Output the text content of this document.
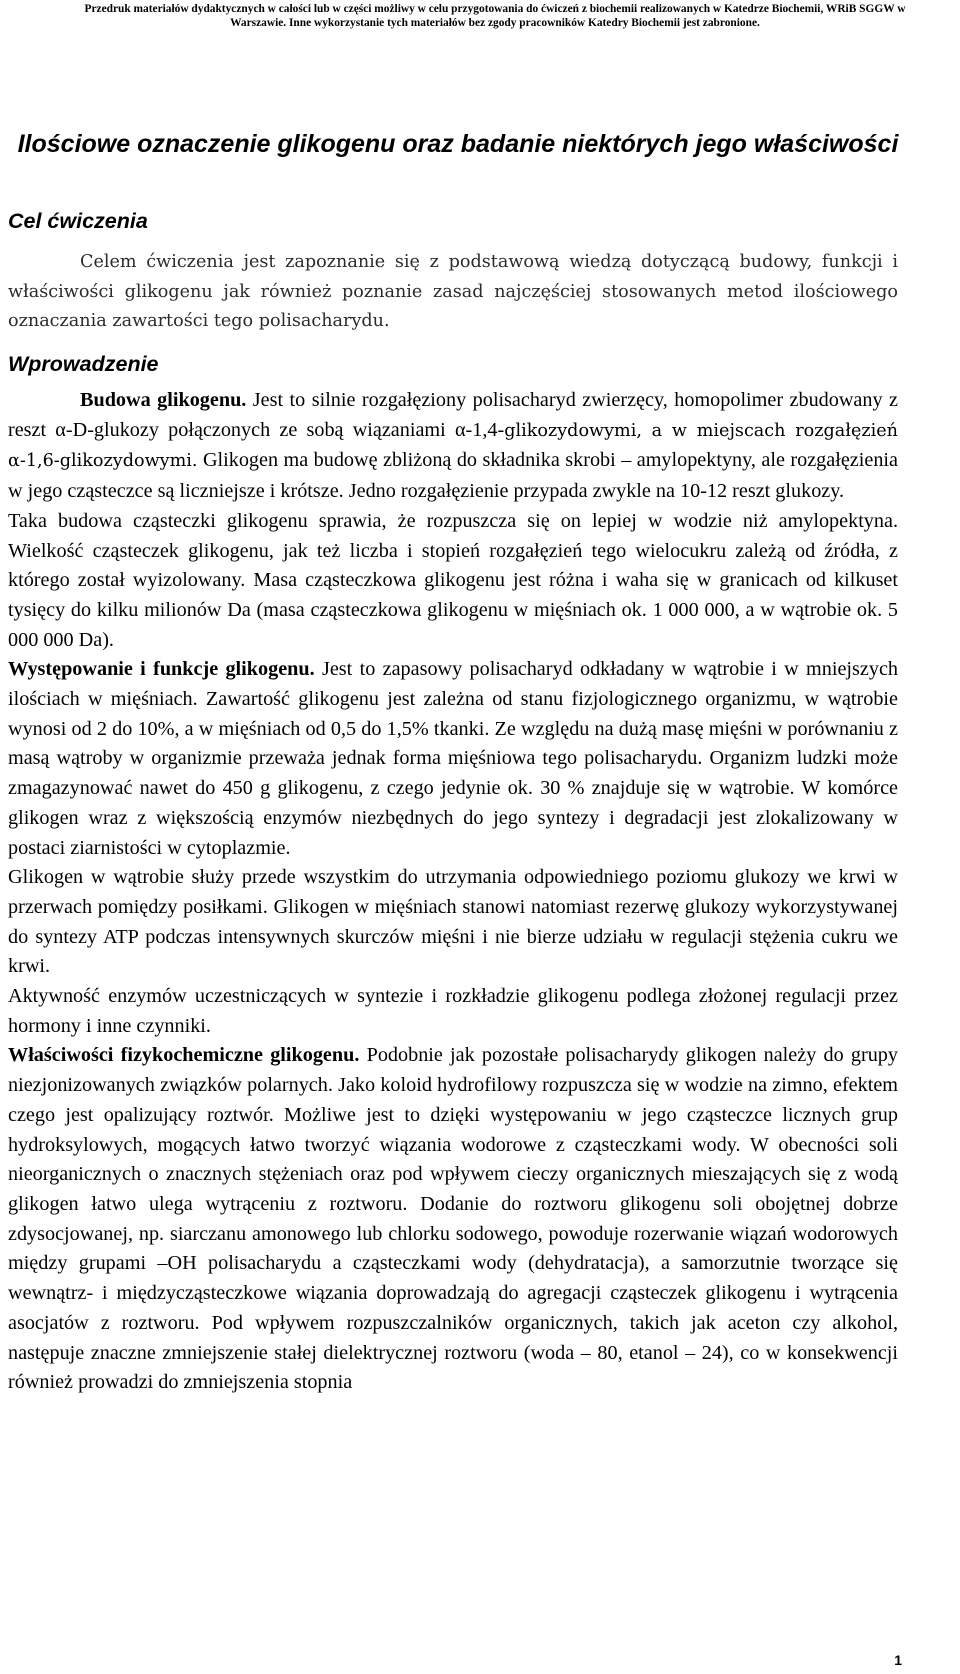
Przedruk materiałów dydaktycznych w całości lub w części możliwy w celu przygotowania do ćwiczeń z biochemii realizowanych w Katedrze Biochemii, WRiB SGGW w Warszawie. Inne wykorzystanie tych materiałów bez zgody pracowników Katedry Biochemii jest zabronione.
Ilościowe oznaczenie glikogenu oraz badanie niektórych jego właściwości
Cel ćwiczenia

Celem ćwiczenia jest zapoznanie się z podstawową wiedzą dotyczącą budowy, funkcji i właściwości glikogenu jak również poznanie zasad najczęściej stosowanych metod ilościowego oznaczania zawartości tego polisacharydu.

Wprowadzenie

Budowa glikogenu. Jest to silnie rozgałęziony polisacharyd zwierzęcy, homopolimer zbudowany z reszt α-D-glukozy połączonych ze sobą wiązaniami α-1,4-glikozydowymi, a w miejscach rozgałęzień α-1,6-glikozydowymi. Glikogen ma budowę zbliżoną do składnika skrobi – amylopektyny, ale rozgałęzienia w jego cząsteczce są liczniejsze i krótsze. Jedno rozgałęzienie przypada zwykle na 10-12 reszt glukozy.

Taka budowa cząsteczki glikogenu sprawia, że rozpuszcza się on lepiej w wodzie niż amylopektyna. Wielkość cząsteczek glikogenu, jak też liczba i stopień rozgałęzień tego wielocukru zależą od źródła, z którego został wyizolowany. Masa cząsteczkowa glikogenu jest różna i waha się w granicach od kilkuset tysięcy do kilku milionów Da (masa cząsteczkowa glikogenu w mięśniach ok. 1 000 000, a w wątrobie ok. 5 000 000 Da).

Występowanie i funkcje glikogenu. Jest to zapasowy polisacharyd odkładany w wątrobie i w mniejszych ilościach w mięśniach. Zawartość glikogenu jest zależna od stanu fizjologicznego organizmu, w wątrobie wynosi od 2 do 10%, a w mięśniach od 0,5 do 1,5% tkanki. Ze względu na dużą masę mięśni w porównaniu z masą wątroby w organizmie przeważa jednak forma mięśniowa tego polisacharydu. Organizm ludzki może zmagazynować nawet do 450 g glikogenu, z czego jedynie ok. 30 % znajduje się w wątrobie. W komórce glikogen wraz z większością enzymów niezbędnych do jego syntezy i degradacji jest zlokalizowany w postaci ziarnistości w cytoplazmie.

Glikogen w wątrobie służy przede wszystkim do utrzymania odpowiedniego poziomu glukozy we krwi w przerwach pomiędzy posiłkami. Glikogen w mięśniach stanowi natomiast rezerwę glukozy wykorzystywanej do syntezy ATP podczas intensywnych skurczów mięśni i nie bierze udziału w regulacji stężenia cukru we krwi.

Aktywność enzymów uczestniczących w syntezie i rozkładzie glikogenu podlega złożonej regulacji przez hormony i inne czynniki.

Właściwości fizykochemiczne glikogenu. Podobnie jak pozostałe polisacharydy glikogen należy do grupy niezjonizowanych związków polarnych. Jako koloid hydrofilowy rozpuszcza się w wodzie na zimno, efektem czego jest opalizujący roztwór. Możliwe jest to dzięki występowaniu w jego cząsteczce licznych grup hydroksylowych, mogących łatwo tworzyć wiązania wodorowe z cząsteczkami wody. W obecności soli nieorganicznych o znacznych stężeniach oraz pod wpływem cieczy organicznych mieszających się z wodą glikogen łatwo ulega wytrąceniu z roztworu. Dodanie do roztworu glikogenu soli obojętnej dobrze zdysocjowanej, np. siarczanu amonowego lub chlorku sodowego, powoduje rozerwanie wiązań wodorowych między grupami –OH polisacharydu a cząsteczkami wody (dehydratacja), a samorzutnie tworzące się wewnątrz- i międzycząsteczkowe wiązania doprowadzają do agregacji cząsteczek glikogenu i wytrącenia asocjatów z roztworu. Pod wpływem rozpuszczalników organicznych, takich jak aceton czy alkohol, następuje znaczne zmniejszenie stałej dielektrycznej roztworu (woda – 80, etanol – 24), co w konsekwencji również prowadzi do zmniejszenia stopnia

1
